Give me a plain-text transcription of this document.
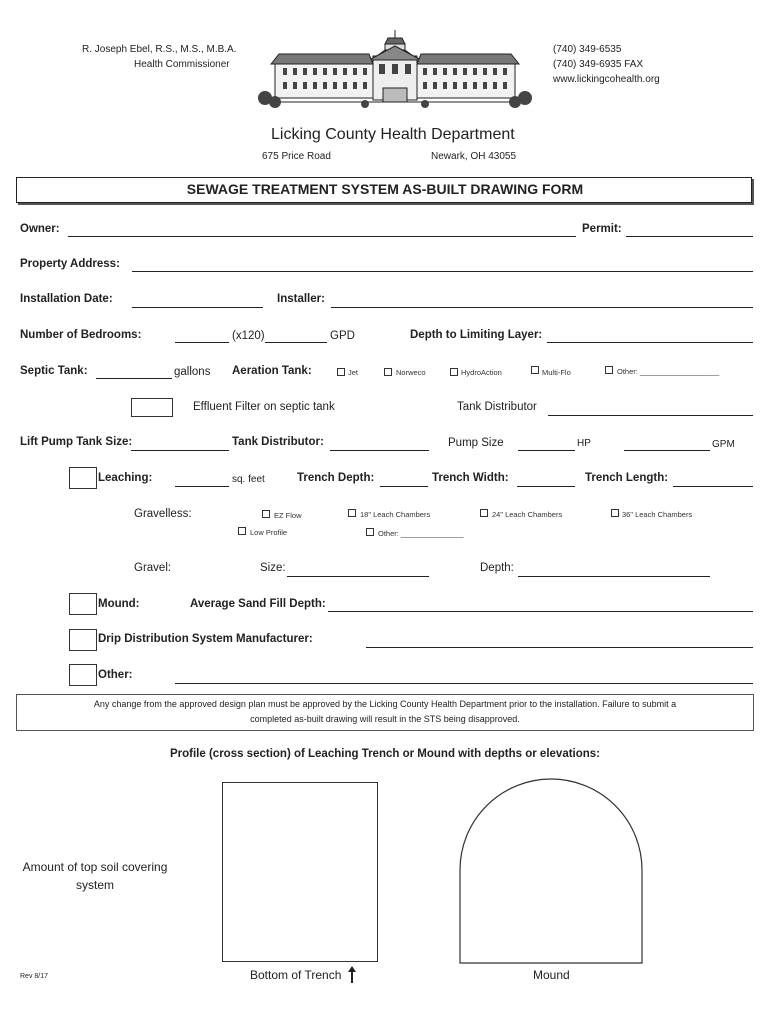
R. Joseph Ebel, R.S., M.S., M.B.A.
Health Commissioner
(740) 349-6535
(740) 349-6935 FAX
www.lickingcohealth.org
Licking County Health Department
675 Price Road	Newark, OH 43055
SEWAGE TREATMENT SYSTEM AS-BUILT DRAWING FORM
Owner:	Permit:
Property Address:
Installation Date:	Installer:
Number of Bedrooms:	(x120)	GPD	Depth to Limiting Layer:
Septic Tank:	gallons Aeration Tank:	Jet	Norweco	HydroAction	Multi-Flo	Other: ___________________
Effluent Filter on septic tank	Tank Distributor
Lift Pump Tank Size:	Tank Distributor:	Pump Size	HP	GPM
Leaching:	sq. feet	Trench Depth:	Trench Width:	Trench Length:
Gravelless:	EZ Flow	18" Leach Chambers	24" Leach Chambers	36" Leach Chambers
Low Profile	Other: _______________
Gravel:	Size:	Depth:
Mound:	Average Sand Fill Depth:
Drip Distribution System Manufacturer:
Other:
Any change from the approved design plan must be approved by the Licking County Health Department prior to the installation. Failure to submit a
completed as-built drawing will result in the STS being disapproved.
Profile (cross section) of Leaching Trench or Mound with depths or elevations:
Amount of top soil covering
system
Bottom of Trench	Mound
Rev 8/17
